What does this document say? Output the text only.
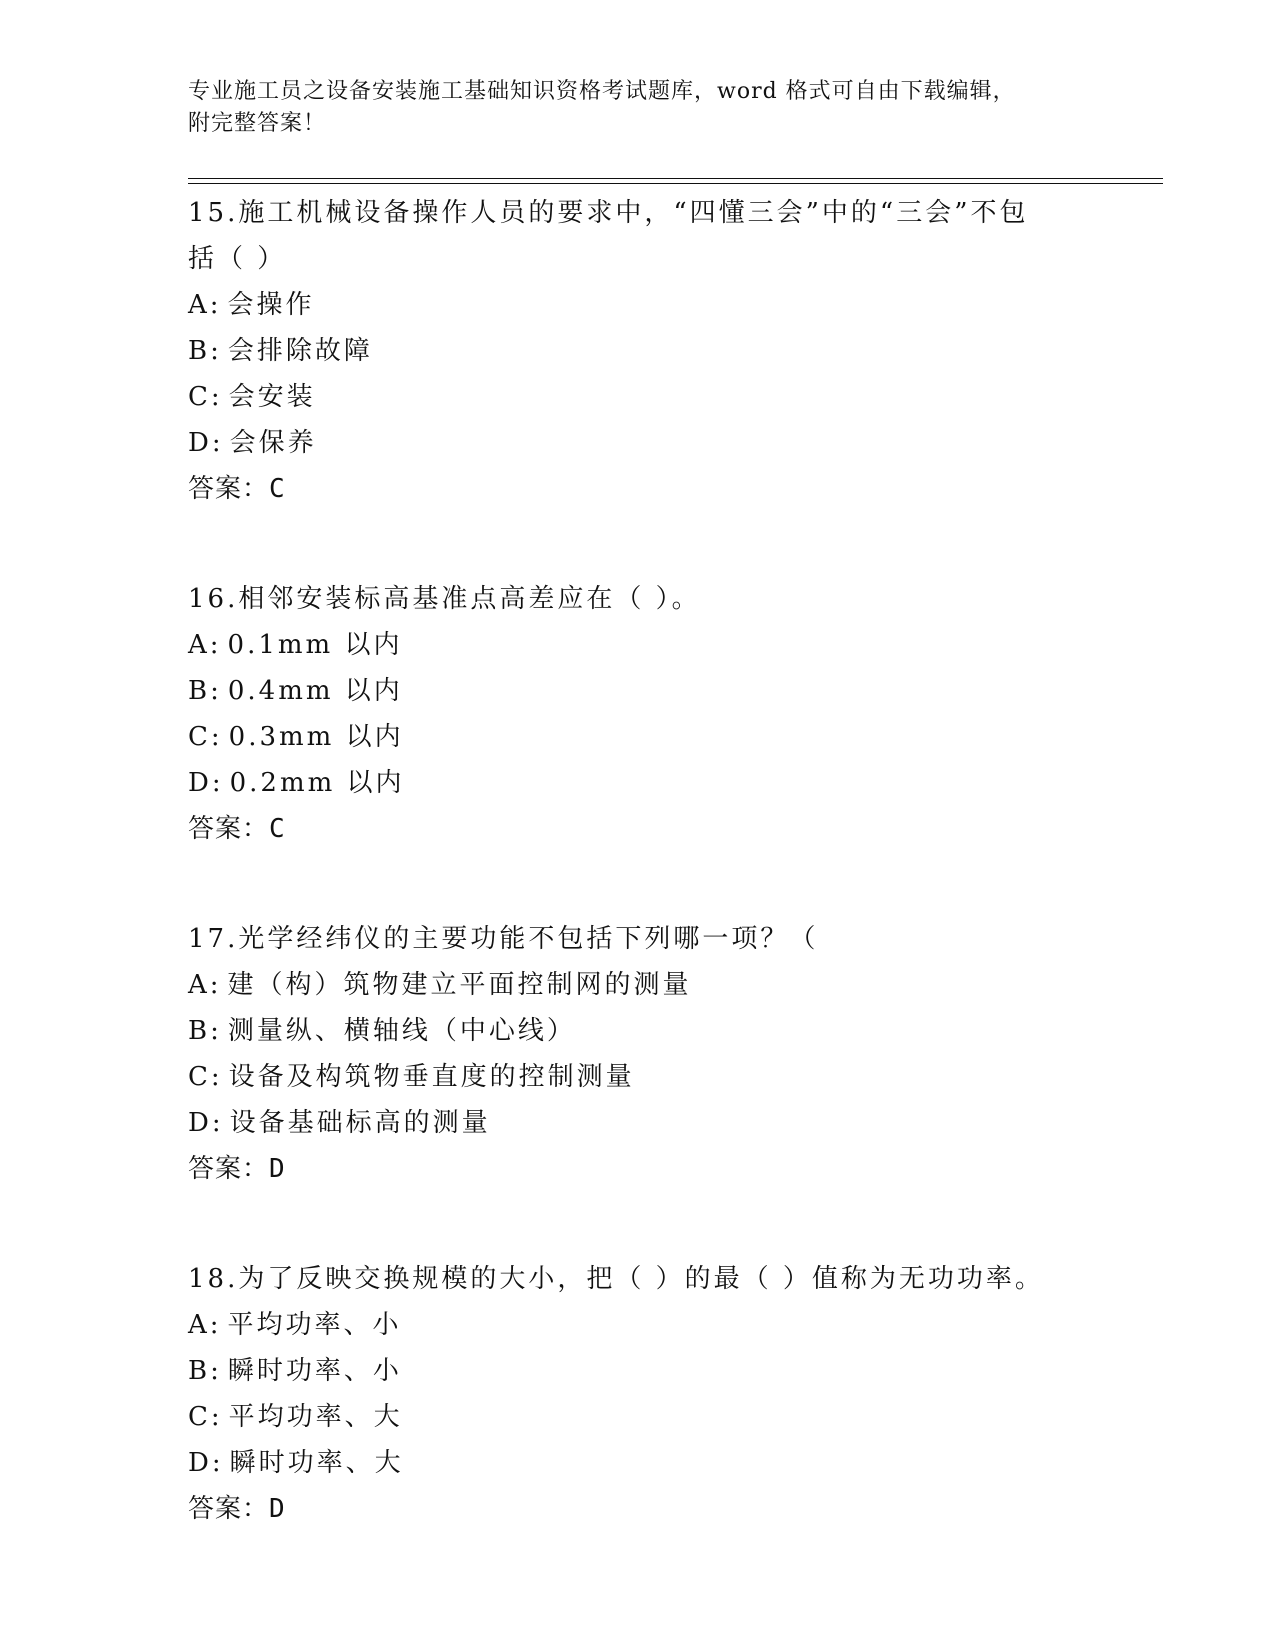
专业施工员之设备安装施工基础知识资格考试题库，word 格式可自由下载编辑，
附完整答案！
15.施工机械设备操作人员的要求中，“四懂三会”中的“三会”不包
括（ ）
A: 会操作
B: 会排除故障
C: 会安装
D: 会保养
答案：C
16.相邻安装标高基准点高差应在（ ）。
A: 0.1mm 以内
B: 0.4mm 以内
C: 0.3mm 以内
D: 0.2mm 以内
答案：C
17.光学经纬仪的主要功能不包括下列哪一项？（
A: 建（构）筑物建立平面控制网的测量
B: 测量纵、横轴线（中心线）
C: 设备及构筑物垂直度的控制测量
D: 设备基础标高的测量
答案：D
18.为了反映交换规模的大小，把（ ）的最（ ）值称为无功功率。
A: 平均功率、小
B: 瞬时功率、小
C: 平均功率、大
D: 瞬时功率、大
答案：D
